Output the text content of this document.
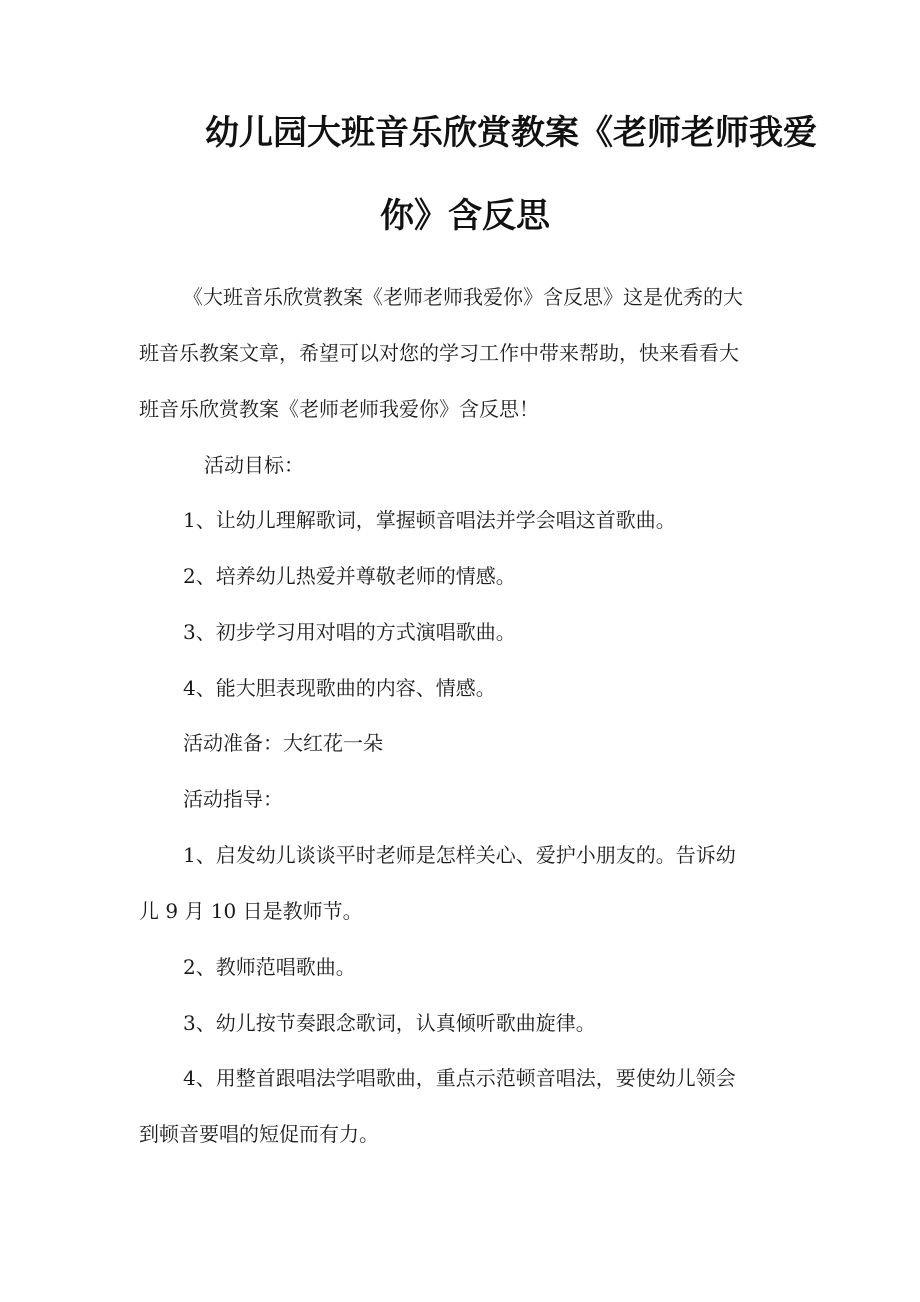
幼儿园大班音乐欣赏教案《老师老师我爱
你》含反思
《大班音乐欣赏教案《老师老师我爱你》含反思》这是优秀的大
班音乐教案文章，希望可以对您的学习工作中带来帮助，快来看看大
班音乐欣赏教案《老师老师我爱你》含反思！
活动目标：
1、让幼儿理解歌词，掌握顿音唱法并学会唱这首歌曲。
2、培养幼儿热爱并尊敬老师的情感。
3、初步学习用对唱的方式演唱歌曲。
4、能大胆表现歌曲的内容、情感。
活动准备：大红花一朵
活动指导：
1、启发幼儿谈谈平时老师是怎样关心、爱护小朋友的。告诉幼
儿 9 月 10 日是教师节。
2、教师范唱歌曲。
3、幼儿按节奏跟念歌词，认真倾听歌曲旋律。
4、用整首跟唱法学唱歌曲，重点示范顿音唱法，要使幼儿领会
到顿音要唱的短促而有力。
